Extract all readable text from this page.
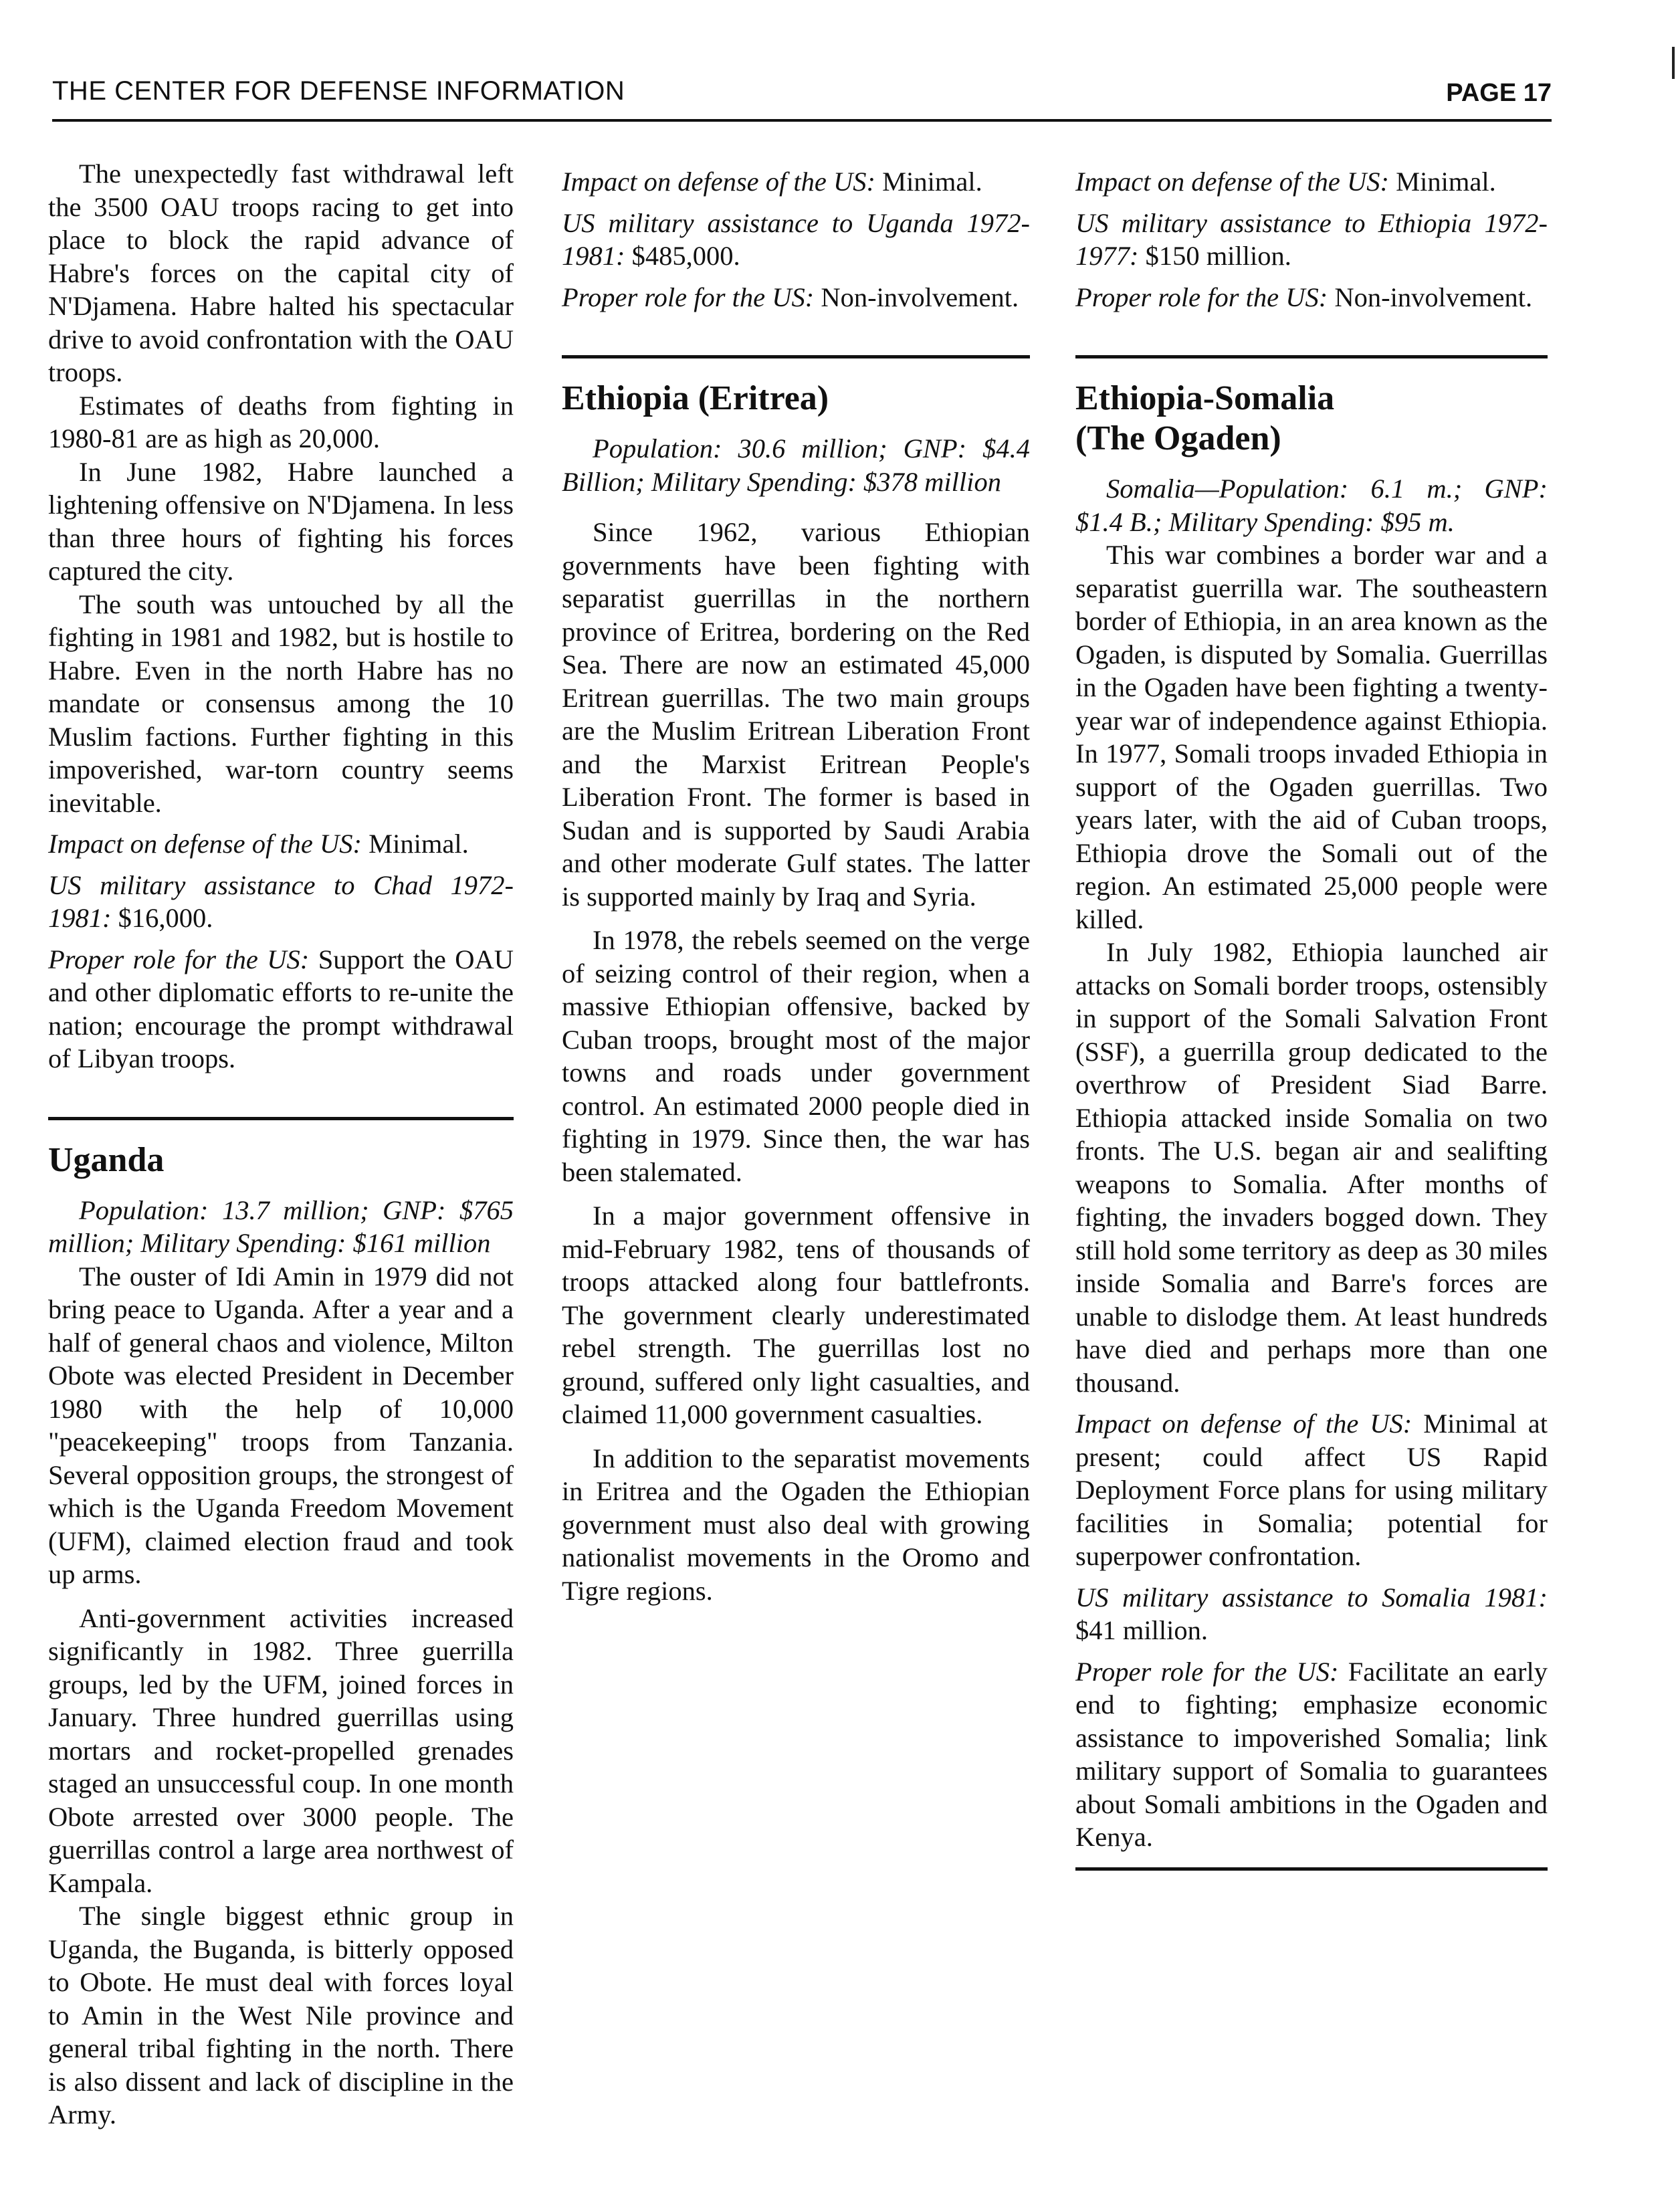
THE CENTER FOR DEFENSE INFORMATION	PAGE 17

The unexpectedly fast withdrawal left the 3500 OAU troops racing to get into place to block the rapid advance of Habre's forces on the capital city of N'Djamena. Habre halted his spectacular drive to avoid confrontation with the OAU troops.

Estimates of deaths from fighting in 1980-81 are as high as 20,000.

In June 1982, Habre launched a lightening offensive on N'Djamena. In less than three hours of fighting his forces captured the city.

The south was untouched by all the fighting in 1981 and 1982, but is hostile to Habre. Even in the north Habre has no mandate or consensus among the 10 Muslim factions. Further fighting in this impoverished, war-torn country seems inevitable.

Impact on defense of the US: Minimal.

US military assistance to Chad 1972-1981: $16,000.

Proper role for the US: Support the OAU and other diplomatic efforts to re-unite the nation; encourage the prompt withdrawal of Libyan troops.

Uganda

Population: 13.7 million; GNP: $765 million; Military Spending: $161 million

The ouster of Idi Amin in 1979 did not bring peace to Uganda. After a year and a half of general chaos and violence, Milton Obote was elected President in December 1980 with the help of 10,000 "peacekeeping" troops from Tanzania. Several opposition groups, the strongest of which is the Uganda Freedom Movement (UFM), claimed election fraud and took up arms.

Anti-government activities increased significantly in 1982. Three guerrilla groups, led by the UFM, joined forces in January. Three hundred guerrillas using mortars and rocket-propelled grenades staged an unsuccessful coup. In one month Obote arrested over 3000 people. The guerrillas control a large area northwest of Kampala.

The single biggest ethnic group in Uganda, the Buganda, is bitterly opposed to Obote. He must deal with forces loyal to Amin in the West Nile province and general tribal fighting in the north. There is also dissent and lack of discipline in the Army.

Impact on defense of the US: Minimal.

US military assistance to Uganda 1972-1981: $485,000.

Proper role for the US: Non-involvement.

Ethiopia (Eritrea)

Population: 30.6 million; GNP: $4.4 Billion; Military Spending: $378 million

Since 1962, various Ethiopian governments have been fighting with separatist guerrillas in the northern province of Eritrea, bordering on the Red Sea. There are now an estimated 45,000 Eritrean guerrillas. The two main groups are the Muslim Eritrean Liberation Front and the Marxist Eritrean People's Liberation Front. The former is based in Sudan and is supported by Saudi Arabia and other moderate Gulf states. The latter is supported mainly by Iraq and Syria.

In 1978, the rebels seemed on the verge of seizing control of their region, when a massive Ethiopian offensive, backed by Cuban troops, brought most of the major towns and roads under government control. An estimated 2000 people died in fighting in 1979. Since then, the war has been stalemated.

In a major government offensive in mid-February 1982, tens of thousands of troops attacked along four battlefronts. The government clearly underestimated rebel strength. The guerrillas lost no ground, suffered only light casualties, and claimed 11,000 government casualties.

In addition to the separatist movements in Eritrea and the Ogaden the Ethiopian government must also deal with growing nationalist movements in the Oromo and Tigre regions.

Impact on defense of the US: Minimal.

US military assistance to Ethiopia 1972-1977: $150 million.

Proper role for the US: Non-involvement.

Ethiopia-Somalia
(The Ogaden)

Somalia—Population: 6.1 m.; GNP: $1.4 B.; Military Spending: $95 m.

This war combines a border war and a separatist guerrilla war. The southeastern border of Ethiopia, in an area known as the Ogaden, is disputed by Somalia. Guerrillas in the Ogaden have been fighting a twenty-year war of independence against Ethiopia. In 1977, Somali troops invaded Ethiopia in support of the Ogaden guerrillas. Two years later, with the aid of Cuban troops, Ethiopia drove the Somali out of the region. An estimated 25,000 people were killed.

In July 1982, Ethiopia launched air attacks on Somali border troops, ostensibly in support of the Somali Salvation Front (SSF), a guerrilla group dedicated to the overthrow of President Siad Barre. Ethiopia attacked inside Somalia on two fronts. The U.S. began air and sealifting weapons to Somalia. After months of fighting, the invaders bogged down. They still hold some territory as deep as 30 miles inside Somalia and Barre's forces are unable to dislodge them. At least hundreds have died and perhaps more than one thousand.

Impact on defense of the US: Minimal at present; could affect US Rapid Deployment Force plans for using military facilities in Somalia; potential for superpower confrontation.

US military assistance to Somalia 1981: $41 million.

Proper role for the US: Facilitate an early end to fighting; emphasize economic assistance to impoverished Somalia; link military support of Somalia to guarantees about Somali ambitions in the Ogaden and Kenya.
